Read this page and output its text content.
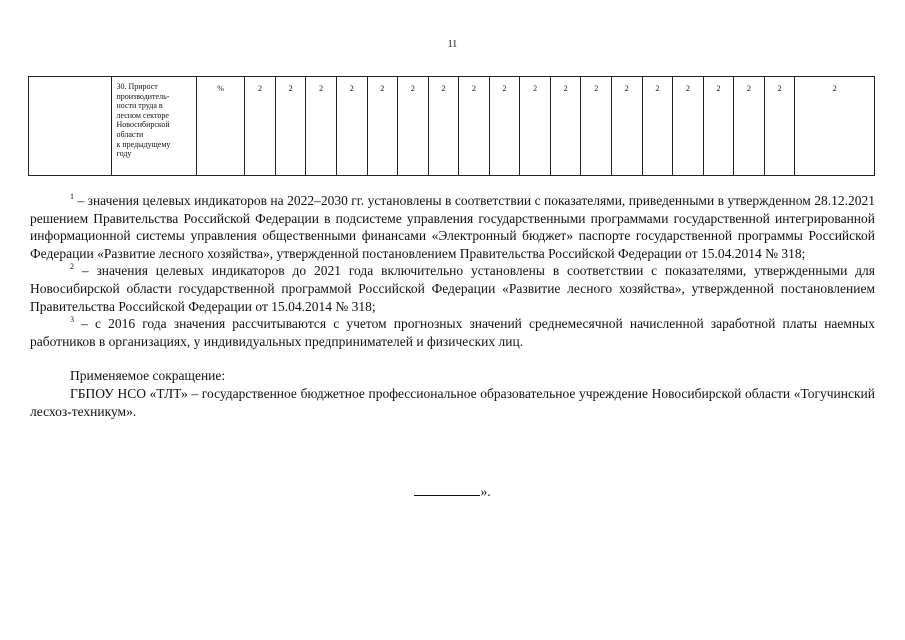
11

30. Прирост
производитель-
ности труда в
лесном секторе
Новосибирской
области
к предыдущему
году
	%	2	2	2	2	2	2	2	2	2	2	2	2	2	2	2	2	2	2	2

$^1$ – значения целевых индикаторов на 2022–2030 гг. установлены в соответствии с показателями, приведенными в утвержденном 28.12.2021 решением Правительства Российской Федерации в подсистеме управления государственными программами государственной интегрированной информационной системы управления общественными финансами «Электронный бюджет» паспорте государственной программы Российской Федерации «Развитие лесного хозяйства», утвержденной постановлением Правительства Российской Федерации от 15.04.2014 № 318;

$^2$ – значения целевых индикаторов до 2021 года включительно установлены в соответствии с показателями, утвержденными для Новосибирской области государственной программой Российской Федерации «Развитие лесного хозяйства», утвержденной постановлением Правительства Российской Федерации от 15.04.2014 № 318;

$^3$ – с 2016 года значения рассчитываются с учетом прогнозных значений среднемесячной начисленной заработной платы наемных работников в организациях, у индивидуальных предпринимателей и физических лиц.

Применяемое сокращение:

ГБПОУ НСО «ТЛТ» – государственное бюджетное профессиональное образовательное учреждение Новосибирской области «Тогучинский лесхоз-техникум».

».
